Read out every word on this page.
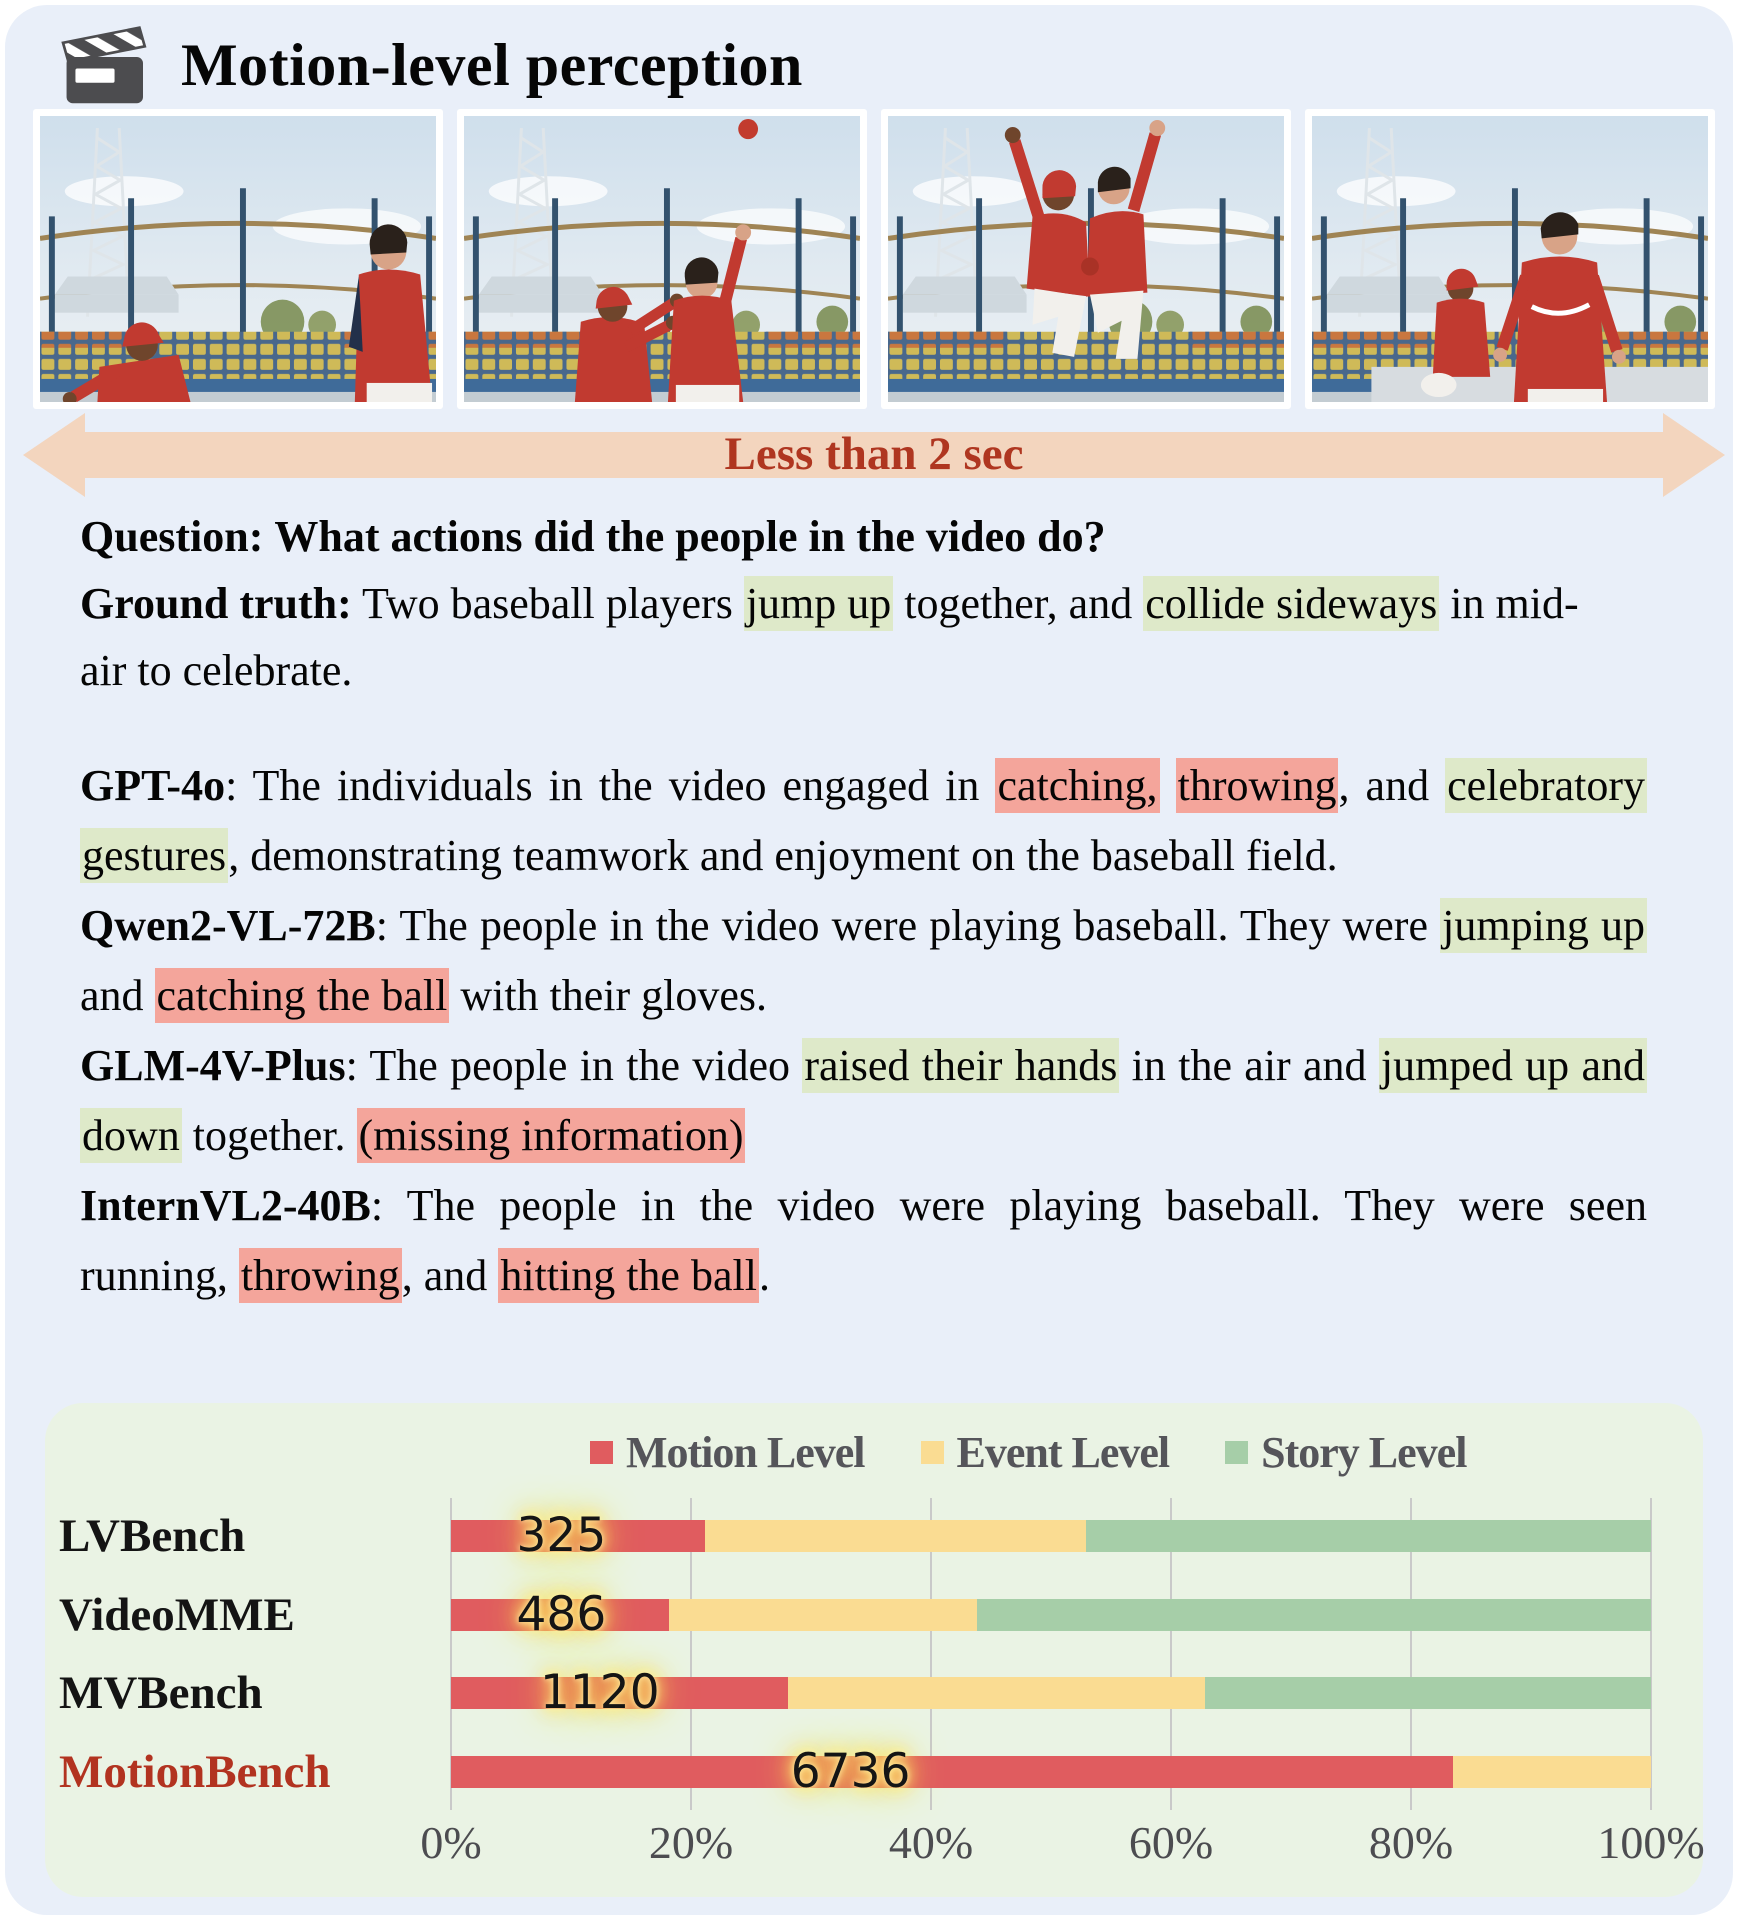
Motion-level perception
Less than 2 sec

Question: What actions did the people in the video do?

Ground truth: Two baseball players jump up together, and collide sideways in mid-air to celebrate.

GPT-4o: The individuals in the video engaged in catching, throwing, and celebratory gestures, demonstrating teamwork and enjoyment on the baseball field.

Qwen2-VL-72B: The people in the video were playing baseball. They were jumping up and catching the ball with their gloves.

GLM-4V-Plus: The people in the video raised their hands in the air and jumped up and down together. (missing information)

InternVL2-40B: The people in the video were playing baseball. They were seen running, throwing, and hitting the ball.

Motion Level Event Level Story Level
0%	20%	40%	60%	80%	100%
LVBench	325
VideoMME	486
MVBench	1120
MotionBench	6736
